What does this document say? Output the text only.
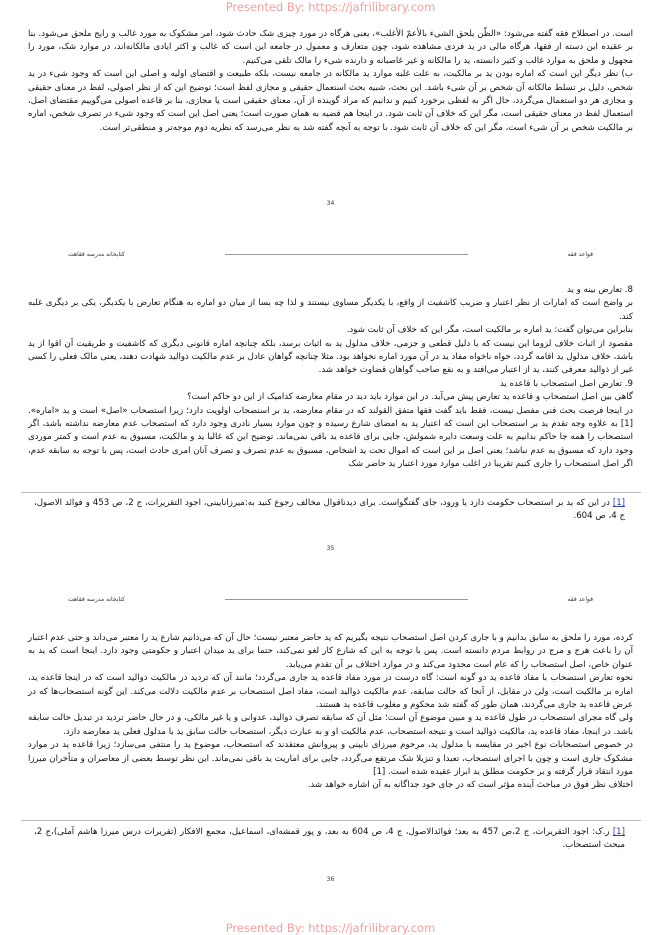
Presented By: https://jafrilibrary.com

است. در اصطلاح فقه گفته می‌شود: «الظّن یلحق الشیء بالأعمّ الأغلب»، یعنی هرگاه در مورد چیزی شک حادث شود، امر مشکوک به مورد غالب و رایج ملحق می‌شود. بنا بر عقیده این دسته از فقها، هرگاه مالی در ید فردی مشاهده شود، چون متعارف و معمول در جامعه این است که غالب و اکثر ایادی مالکانه‌اند، در موارد شک، مورد را مجهول و ملحق به موارد غالب و کثیر دانسته، ید را مالکانه و غیر غاصبانه و دارنده شیء را مالک تلقی می‌کنیم.

ب) نظر دیگر این است که اماره بودن ید بر مالکیت، به علت غلبه موارد ید مالکانه در جامعه نیست، بلکه طبیعت و اقتضای اولیه و اصلی این است که وجود شیء در ید شخص، دلیل بر تسلط مالکانه آن شخص بر آن شیء باشد. این بحث، شبیه بحث استعمال حقیقی و مجازی لفظ است؛ توضیح این که از نظر اصولی، لفظ در معنای حقیقی و مجازی هر دو استعمال می‌گردد، حال اگر به لفظی برخورد کنیم و ندانیم که مراد گوینده از آن، معنای حقیقی است یا مجازی، بنا بر قاعده اصولی می‌گوییم مقتضای اصل، استعمال لفظ در معنای حقیقی است، مگر این که خلاف آن ثابت شود. در اینجا هم قضیه به همان صورت است؛ یعنی اصل این است که وجود شیء در تصرف شخص، اماره بر مالکیت شخص بر آن شیء است، مگر این که خلاف آن ثابت شود. با توجه به آنچه گفته شد به نظر می‌رسد که نظریه دوم موجه‌تر و منطقی‌تر است.

34
قواعد فقه
کتابخانه مدرسه فقاهت

8. تعارض بینه و ید

بر واضح است که امارات از نظر اعتبار و ضریب کاشفیت از واقع، با یکدیگر مساوی نیستند و لذا چه بسا از میان دو اماره به هنگام تعارض با یکدیگر، یکی بر دیگری غلبه کند.

بنابراین می‌توان گفت: ید اماره بر مالکیت است، مگر این که خلاف آن ثابت شود.

مقصود از اثبات خلاف لزوما این نیست که با دلیل قطعی و جزمی، خلاف مدلول ید به اثبات برسد، بلکه چنانچه اماره قانونی دیگری که کاشفیت و طریقیت آن اقوا از ید باشد، خلاف مدلول ید اقامه گردد، خواه ناخواه مفاد ید در آن مورد اماره نخواهد بود. مثلا چنانچه گواهان عادل بر عدم مالکیت ذوالید شهادت دهند، یعنی مالک فعلی را کسی غیر از ذوالید معرفی کنند، ید از اعتبار می‌افتد و به نفع صاحب گواهان قضاوت خواهد شد.

9. تعارض اصل استصحاب با قاعده ید

گاهی بین اصل استصحاب و قاعده ید تعارض پیش می‌آید. در این موارد باید دید در مقام معارضه کدامیک از این دو حاکم است؟

در اینجا فرصت بحث فنی مفصل نیست، فقط باید گفت فقها متفق القولند که در مقام معارضه، ید بر استصحاب اولویت دارد؛ زیرا استصحاب «اصل» است و ید «اماره». [1] به علاوه وجه تقدم ید بر استصحاب این است که اعتبار ید به امضای شارع رسیده و چون موارد بسیار نادری وجود دارد که استصحاب عدم معارضه نداشته باشد، اگر استصحاب را همه جا حاکم بدانیم به علت وسعت دایره شمولش، جایی برای قاعده ید باقی نمی‌ماند. توضیح این که غالبا ید و مالکیت، مسبوق به عدم است و کمتر موردی وجود دارد که مسبوق به عدم نباشد؛ یعنی اصل بر این است که اموال تحت ید اشخاص، مسبوق به عدم تصرف و تصرف آنان امری حادث است، پس با توجه به سابقه عدم، اگر اصل استصحاب را جاری کنیم تقریبا در اغلب موارد مورد اعتبار ید حاضر شک

[1] در این که ید بر استصحاب حکومت دارد یا ورود، جای گفتگواست. برای دیدناقوال مخالف رجوع کنید به:میرزانایینی، اجود التقریرات، ج 2، ص 453 و فوائد الاصول، ج 4، ص 604.
35
قواعد فقه
کتابخانه مدرسه فقاهت

کرده، مورد را ملحق به سابق بدانیم و با جاری کردن اصل استصحاب نتیجه بگیریم که ید حاضر معتبر نیست؛ حال آن که می‌دانیم شارع ید را معتبر می‌داند و حتی عدم اعتبار آن را باعث هرج و مرج در روابط مردم دانسته است. پس با توجه به این که شارع کار لغو نمی‌کند، حتما برای ید میدان اعتبار و حکومتی وجود دارد. اینجا است که ید به عنوان خاص، اصل استصحاب را که عام است محدود می‌کند و در موارد اختلاف بر آن تقدم می‌یابد.

نحوه تعارض استصحاب با مفاد قاعده ید دو گونه است: گاه درست در مورد مفاد قاعده ید جاری می‌گردد؛ مانند آن که تردید در مالکیت ذوالید است که در اینجا قاعده ید، اماره بر مالکیت است، ولی در مقابل، از آنجا که حالت سابقه، عدم مالکیت ذوالید است، مفاد اصل استصحاب بر عدم مالکیت دلالت می‌کند. این گونه استصحاب‌ها که در عرض قاعده ید جاری می‌گردند، همان طور که گفته شد محکوم و مغلوب قاعده ید هستند.

ولی گاه مجرای استصحاب در طول قاعده ید و مبین موضوع آن است؛ مثل آن که سابقه تصرف ذوالید، عدوانی و یا غیر مالکی، و در حال حاضر تردید در تبدیل حالت سابقه باشد. در اینجا، مفاد قاعده ید، مالکیت ذوالید است و نتیجه استصحاب، عدم مالکیت او و به عبارت دیگر، استصحاب حالت سابق ید با مدلول فعلی ید معارضه دارد.

در خصوص استصحابات نوع اخیر در مقایسه با مدلول ید، مرحوم میرزای نایینی و پیروانش معتقدند که استصحاب، موضوع ید را منتفی می‌سازد؛ زیرا قاعده ید در موارد مشکوک جاری است و چون با اجرای استصحاب، تعبدا و تنزیلا شک مرتفع می‌گردد، جایی برای اماریت ید باقی نمی‌ماند. این نظر توسط بعضی از معاصران و متأخران میرزا مورد انتقاد قرار گرفته و بر حکومت مطلق ید ابراز عقیده شده است. [1]

اختلاف نظر فوق در مباحث آینده مؤثر است که در جای خود جداگانه به آن اشاره خواهد شد.

[1] ر.ک: اجود التقریرات، ج 2،ص 457 به بعد؛ فوائدالاصول، ج 4، ص 604 به بعد، و پور قمشه‌ای، اسماعیل، مجمع الافکار (تقریرات درس میرزا هاشم آملی)،ج 2، مبحث استصحاب.
36
Presented By: https://jafrilibrary.com
